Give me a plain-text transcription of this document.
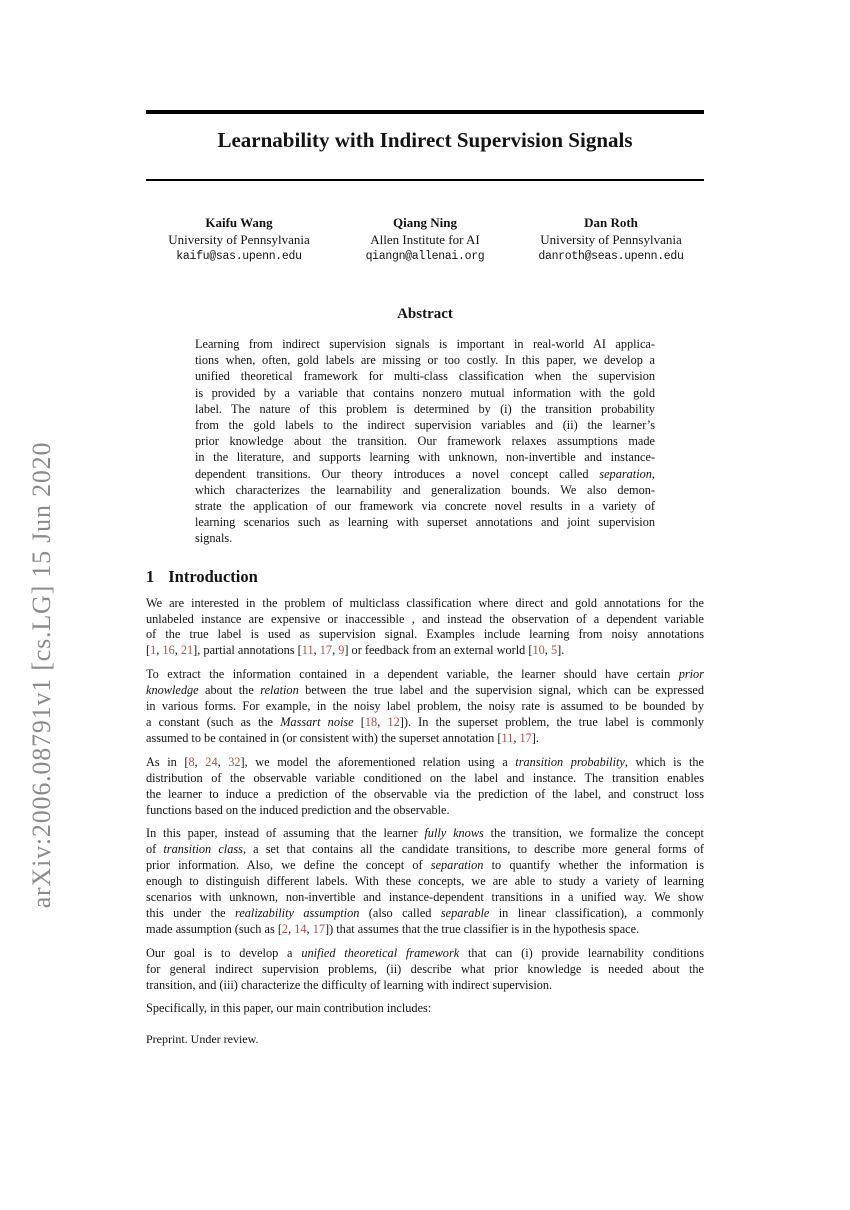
arXiv:2006.08791v1 [cs.LG] 15 Jun 2020
Learnability with Indirect Supervision Signals
Kaifu Wang
University of Pennsylvania
kaifu@sas.upenn.edu
Qiang Ning
Allen Institute for AI
qiangn@allenai.org
Dan Roth
University of Pennsylvania
danroth@seas.upenn.edu
Abstract
Learning from indirect supervision signals is important in real-world AI applica-
tions when, often, gold labels are missing or too costly. In this paper, we develop a
unified theoretical framework for multi-class classification when the supervision
is provided by a variable that contains nonzero mutual information with the gold
label. The nature of this problem is determined by (i) the transition probability
from the gold labels to the indirect supervision variables and (ii) the learner’s
prior knowledge about the transition. Our framework relaxes assumptions made
in the literature, and supports learning with unknown, non-invertible and instance-
dependent transitions. Our theory introduces a novel concept called separation,
which characterizes the learnability and generalization bounds. We also demon-
strate the application of our framework via concrete novel results in a variety of
learning scenarios such as learning with superset annotations and joint supervision
signals.
1 Introduction
We are interested in the problem of multiclass classification where direct and gold annotations for the
unlabeled instance are expensive or inaccessible , and instead the observation of a dependent variable
of the true label is used as supervision signal. Examples include learning from noisy annotations
[1, 16, 21], partial annotations [11, 17, 9] or feedback from an external world [10, 5].
To extract the information contained in a dependent variable, the learner should have certain prior
knowledge about the relation between the true label and the supervision signal, which can be expressed
in various forms. For example, in the noisy label problem, the noisy rate is assumed to be bounded by
a constant (such as the Massart noise [18, 12]). In the superset problem, the true label is commonly
assumed to be contained in (or consistent with) the superset annotation [11, 17].
As in [8, 24, 32], we model the aforementioned relation using a transition probability, which is the
distribution of the observable variable conditioned on the label and instance. The transition enables
the learner to induce a prediction of the observable via the prediction of the label, and construct loss
functions based on the induced prediction and the observable.
In this paper, instead of assuming that the learner fully knows the transition, we formalize the concept
of transition class, a set that contains all the candidate transitions, to describe more general forms of
prior information. Also, we define the concept of separation to quantify whether the information is
enough to distinguish different labels. With these concepts, we are able to study a variety of learning
scenarios with unknown, non-invertible and instance-dependent transitions in a unified way. We show
this under the realizability assumption (also called separable in linear classification), a commonly
made assumption (such as [2, 14, 17]) that assumes that the true classifier is in the hypothesis space.
Our goal is to develop a unified theoretical framework that can (i) provide learnability conditions
for general indirect supervision problems, (ii) describe what prior knowledge is needed about the
transition, and (iii) characterize the difficulty of learning with indirect supervision.
Specifically, in this paper, our main contribution includes:
Preprint. Under review.
